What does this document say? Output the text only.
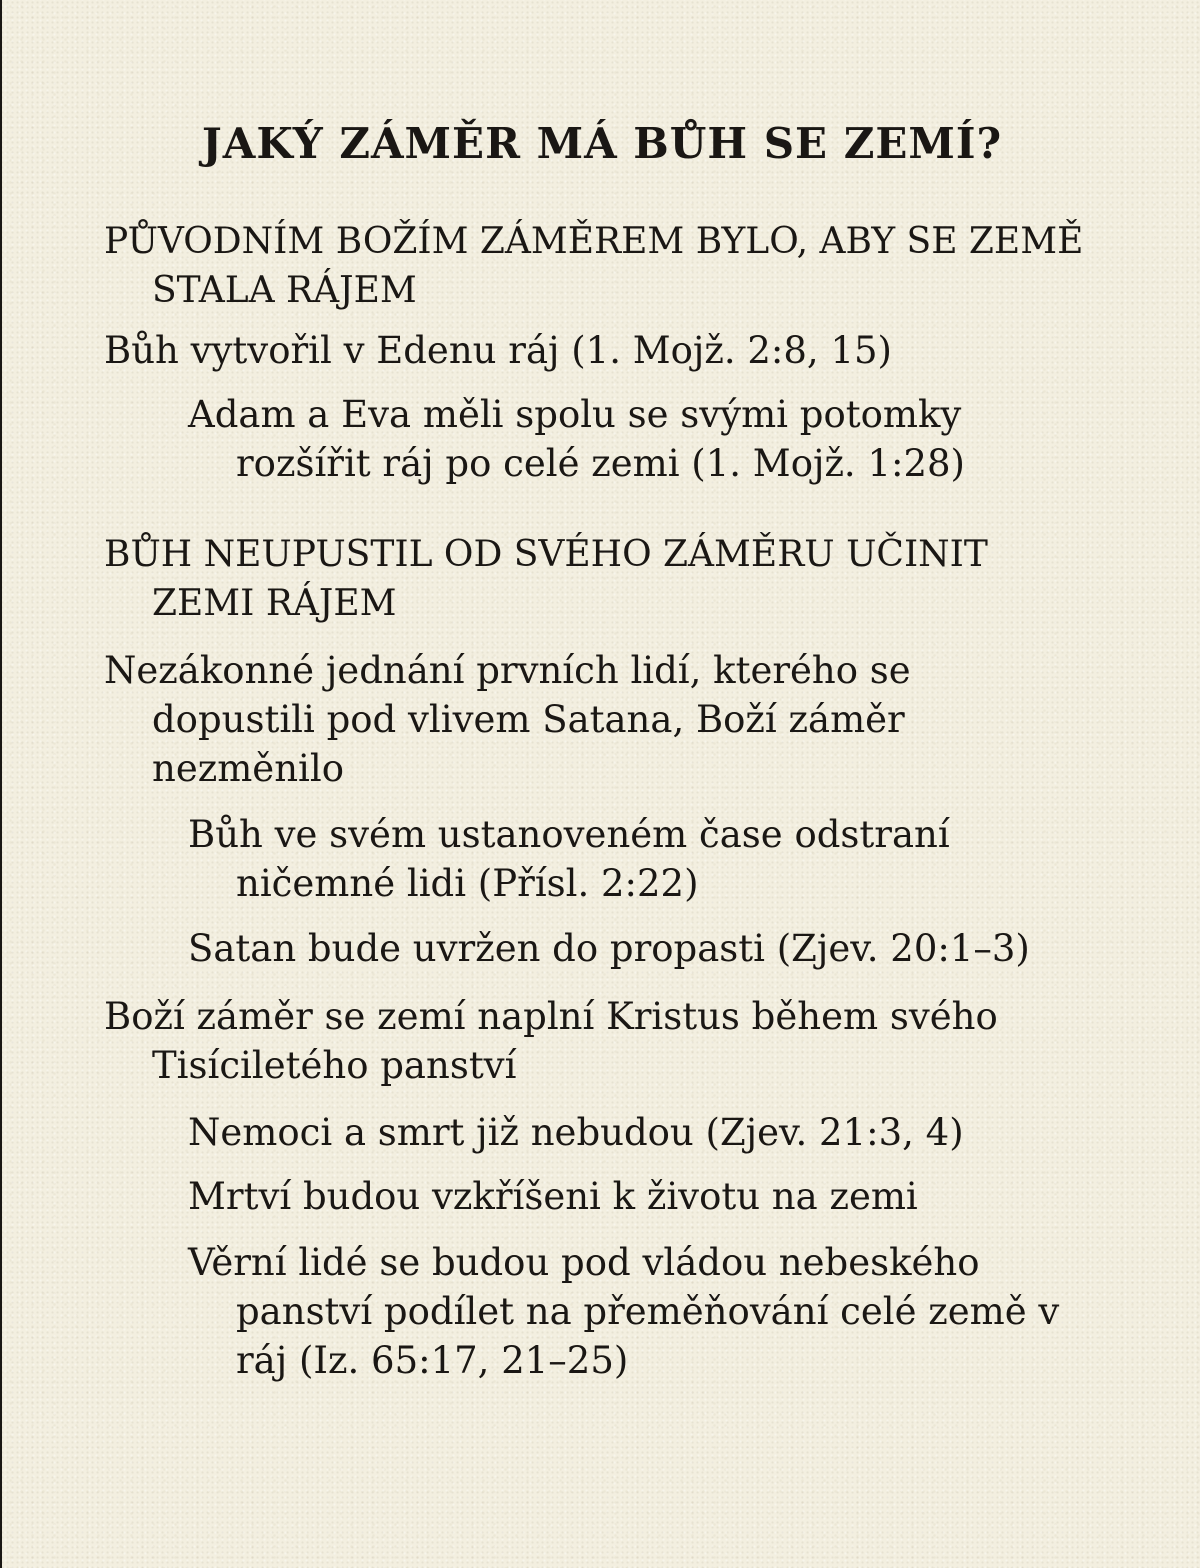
JAKÝ ZÁMĚR MÁ BŮH SE ZEMÍ?
PŮVODNÍM BOŽÍM ZÁMĚREM BYLO, ABY SE ZEMĚ STALA RÁJEM

Bůh vytvořil v Edenu ráj (1. Mojž. 2:8, 15)

Adam a Eva měli spolu se svými potomky rozšířit ráj po celé zemi (1. Mojž. 1:28)

BŮH NEUPUSTIL OD SVÉHO ZÁMĚRU UČINIT ZEMI RÁJEM

Nezákonné jednání prvních lidí, kterého se dopustili pod vlivem Satana, Boží záměr nezměnilo

Bůh ve svém ustanoveném čase odstraní ničemné lidi (Přísl. 2:22)

Satan bude uvržen do propasti (Zjev. 20:1–3)

Boží záměr se zemí naplní Kristus během svého Tisíciletého panství

Nemoci a smrt již nebudou (Zjev. 21:3, 4)

Mrtví budou vzkříšeni k životu na zemi

Věrní lidé se budou pod vládou nebeského panství podílet na přeměňování celé země v ráj (Iz. 65:17, 21–25)
